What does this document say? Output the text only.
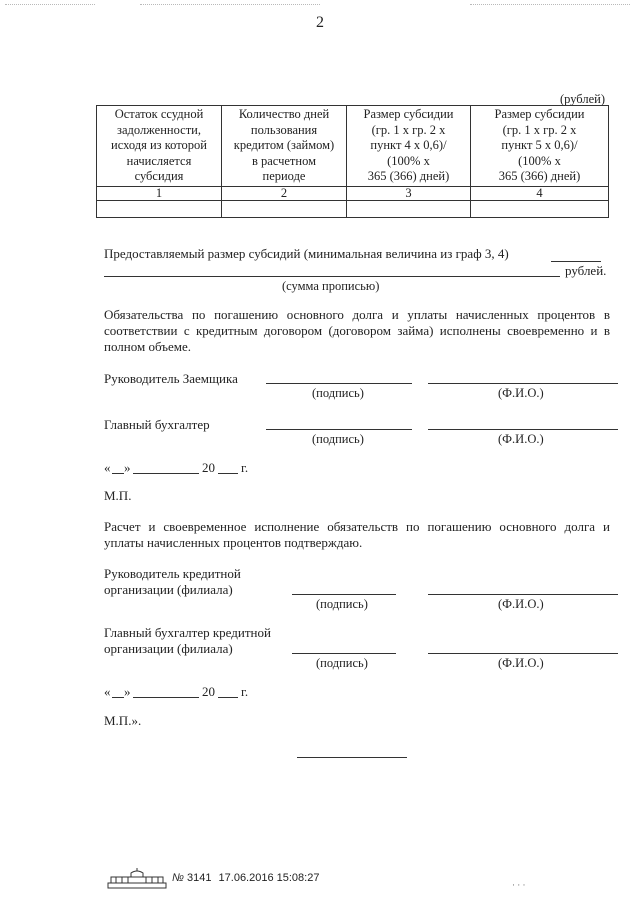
2
(рублей)
Остаток ссудной
задолженности,
исходя из которой
начисляется
субсидия	Количество дней
пользования
кредитом (займом)
в расчетном
периоде	Размер субсидии
(гр. 1 х гр. 2 х
пункт 4 х 0,6)/
(100% х
365 (366) дней)	Размер субсидии
(гр. 1 х гр. 2 х
пункт 5 х 0,6)/
(100% х
365 (366) дней)
1	2	3	4

Предоставляемый размер субсидий (минимальная величина из граф 3, 4)
рублей.
(сумма прописью)
Обязательства по погашению основного долга и уплаты начисленных процентов в соответствии с кредитным договором (договором займа) исполнены своевременно и в полном объеме.
Руководитель Заемщика
(подпись)	(Ф.И.О.)
Главный бухгалтер
(подпись)	(Ф.И.О.)
« »	20 г.
М.П.
Расчет и своевременное исполнение обязательств по погашению основного долга и уплаты начисленных процентов подтверждаю.
Руководитель кредитной
организации (филиала)
(подпись)	(Ф.И.О.)
Главный бухгалтер кредитной
организации (филиала)
(подпись)	(Ф.И.О.)
« »	20 г.
М.П.».
№ 3141 17.06.2016 15:08:27
· · ·
